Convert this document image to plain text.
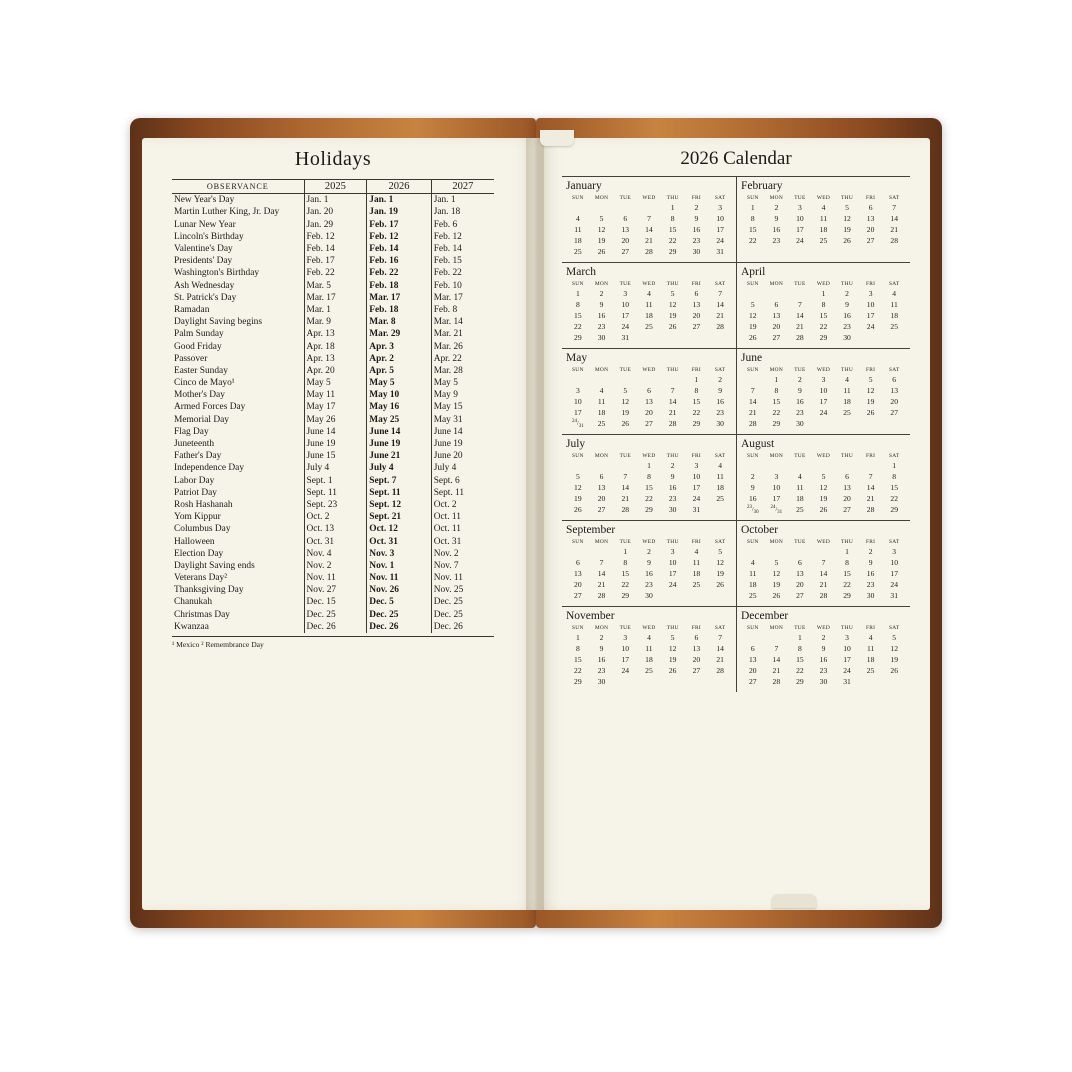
Holidays
OBSERVANCE	2025	2026	2027
New Year's Day	Jan. 1	Jan. 1	Jan. 1
Martin Luther King, Jr. Day	Jan. 20	Jan. 19	Jan. 18
Lunar New Year	Jan. 29	Feb. 17	Feb. 6
Lincoln's Birthday	Feb. 12	Feb. 12	Feb. 12
Valentine's Day	Feb. 14	Feb. 14	Feb. 14
Presidents' Day	Feb. 17	Feb. 16	Feb. 15
Washington's Birthday	Feb. 22	Feb. 22	Feb. 22
Ash Wednesday	Mar. 5	Feb. 18	Feb. 10
St. Patrick's Day	Mar. 17	Mar. 17	Mar. 17
Ramadan	Mar. 1	Feb. 18	Feb. 8
Daylight Saving begins	Mar. 9	Mar. 8	Mar. 14
Palm Sunday	Apr. 13	Mar. 29	Mar. 21
Good Friday	Apr. 18	Apr. 3	Mar. 26
Passover	Apr. 13	Apr. 2	Apr. 22
Easter Sunday	Apr. 20	Apr. 5	Mar. 28
Cinco de Mayo¹	May 5	May 5	May 5
Mother's Day	May 11	May 10	May 9
Armed Forces Day	May 17	May 16	May 15
Memorial Day	May 26	May 25	May 31
Flag Day	June 14	June 14	June 14
Juneteenth	June 19	June 19	June 19
Father's Day	June 15	June 21	June 20
Independence Day	July 4	July 4	July 4
Labor Day	Sept. 1	Sept. 7	Sept. 6
Patriot Day	Sept. 11	Sept. 11	Sept. 11
Rosh Hashanah	Sept. 23	Sept. 12	Oct. 2
Yom Kippur	Oct. 2	Sept. 21	Oct. 11
Columbus Day	Oct. 13	Oct. 12	Oct. 11
Halloween	Oct. 31	Oct. 31	Oct. 31
Election Day	Nov. 4	Nov. 3	Nov. 2
Daylight Saving ends	Nov. 2	Nov. 1	Nov. 7
Veterans Day²	Nov. 11	Nov. 11	Nov. 11
Thanksgiving Day	Nov. 27	Nov. 26	Nov. 25
Chanukah	Dec. 15	Dec. 5	Dec. 25
Christmas Day	Dec. 25	Dec. 25	Dec. 25
Kwanzaa	Dec. 26	Dec. 26	Dec. 26
¹ Mexico ² Remembrance Day
2026 Calendar
January
SUN	MON	TUE	WED	THU	FRI	SAT
				1	2	3
4	5	6	7	8	9	10
11	12	13	14	15	16	17
18	19	20	21	22	23	24
25	26	27	28	29	30	31
February
SUN	MON	TUE	WED	THU	FRI	SAT
1	2	3	4	5	6	7
8	9	10	11	12	13	14
15	16	17	18	19	20	21
22	23	24	25	26	27	28

March
SUN	MON	TUE	WED	THU	FRI	SAT
1	2	3	4	5	6	7
8	9	10	11	12	13	14
15	16	17	18	19	20	21
22	23	24	25	26	27	28
29	30	31				
April
SUN	MON	TUE	WED	THU	FRI	SAT
			1	2	3	4
5	6	7	8	9	10	11
12	13	14	15	16	17	18
19	20	21	22	23	24	25
26	27	28	29	30		
May
SUN	MON	TUE	WED	THU	FRI	SAT
					1	2
3	4	5	6	7	8	9
10	11	12	13	14	15	16
17	18	19	20	21	22	23
$^{24}/_{31}$	25	26	27	28	29	30
June
SUN	MON	TUE	WED	THU	FRI	SAT
	1	2	3	4	5	6
7	8	9	10	11	12	13
14	15	16	17	18	19	20
21	22	23	24	25	26	27
28	29	30				
July
SUN	MON	TUE	WED	THU	FRI	SAT
			1	2	3	4
5	6	7	8	9	10	11
12	13	14	15	16	17	18
19	20	21	22	23	24	25
26	27	28	29	30	31	
August
SUN	MON	TUE	WED	THU	FRI	SAT
						1
2	3	4	5	6	7	8
9	10	11	12	13	14	15
16	17	18	19	20	21	22
$^{23}/_{30}$	$^{24}/_{31}$	25	26	27	28	29
September
SUN	MON	TUE	WED	THU	FRI	SAT
		1	2	3	4	5
6	7	8	9	10	11	12
13	14	15	16	17	18	19
20	21	22	23	24	25	26
27	28	29	30			
October
SUN	MON	TUE	WED	THU	FRI	SAT
				1	2	3
4	5	6	7	8	9	10
11	12	13	14	15	16	17
18	19	20	21	22	23	24
25	26	27	28	29	30	31
November
SUN	MON	TUE	WED	THU	FRI	SAT
1	2	3	4	5	6	7
8	9	10	11	12	13	14
15	16	17	18	19	20	21
22	23	24	25	26	27	28
29	30					
December
SUN	MON	TUE	WED	THU	FRI	SAT
		1	2	3	4	5
6	7	8	9	10	11	12
13	14	15	16	17	18	19
20	21	22	23	24	25	26
27	28	29	30	31		
